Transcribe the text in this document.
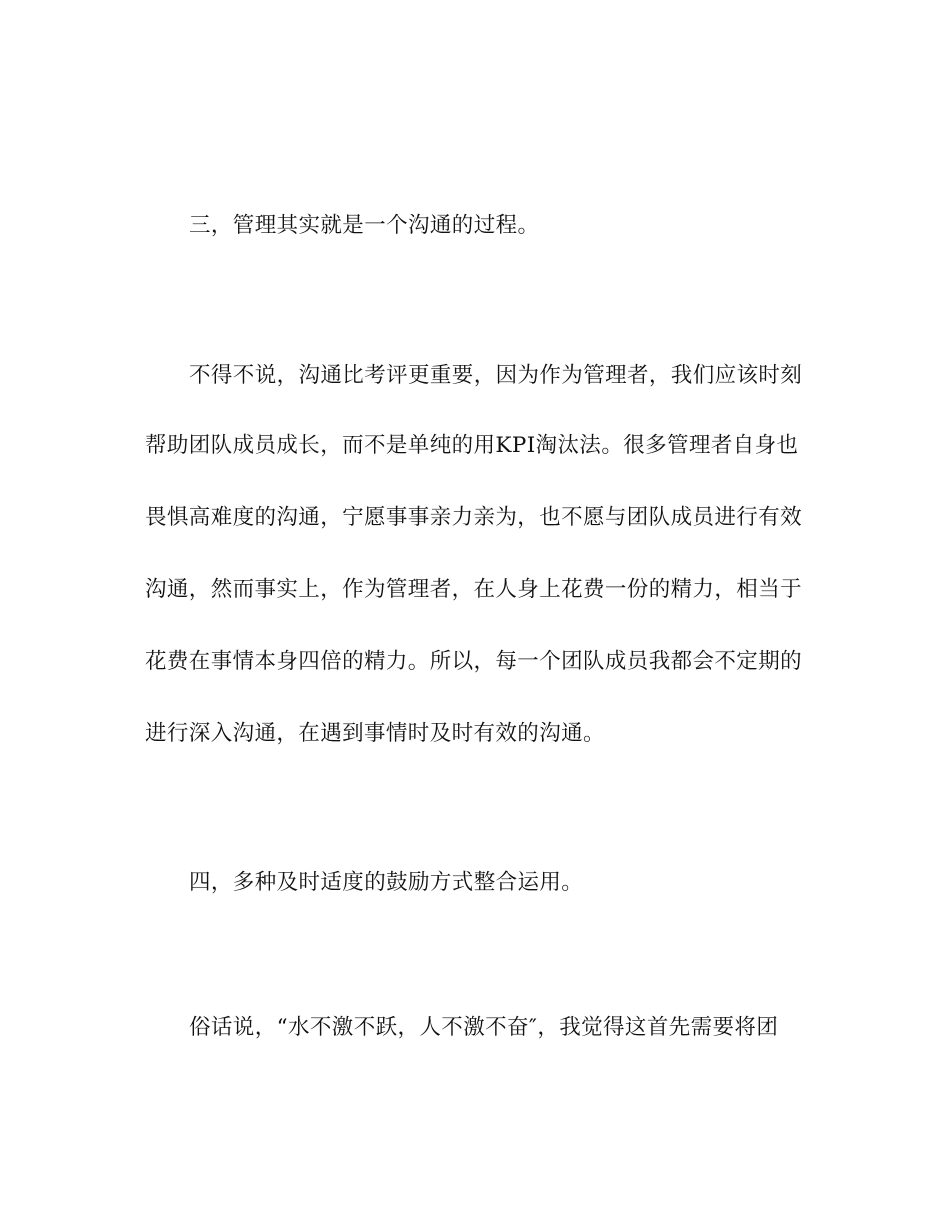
三，管理其实就是一个沟通的过程。
不得不说，沟通比考评更重要，因为作为管理者，我们应该时刻
帮助团队成员成长，而不是单纯的用KPI淘汰法。很多管理者自身也
畏惧高难度的沟通，宁愿事事亲力亲为，也不愿与团队成员进行有效
沟通，然而事实上，作为管理者，在人身上花费一份的精力，相当于
花费在事情本身四倍的精力。所以，每一个团队成员我都会不定期的
进行深入沟通，在遇到事情时及时有效的沟通。
四，多种及时适度的鼓励方式整合运用。
俗话说，“水不激不跃，人不激不奋″，我觉得这首先需要将团
